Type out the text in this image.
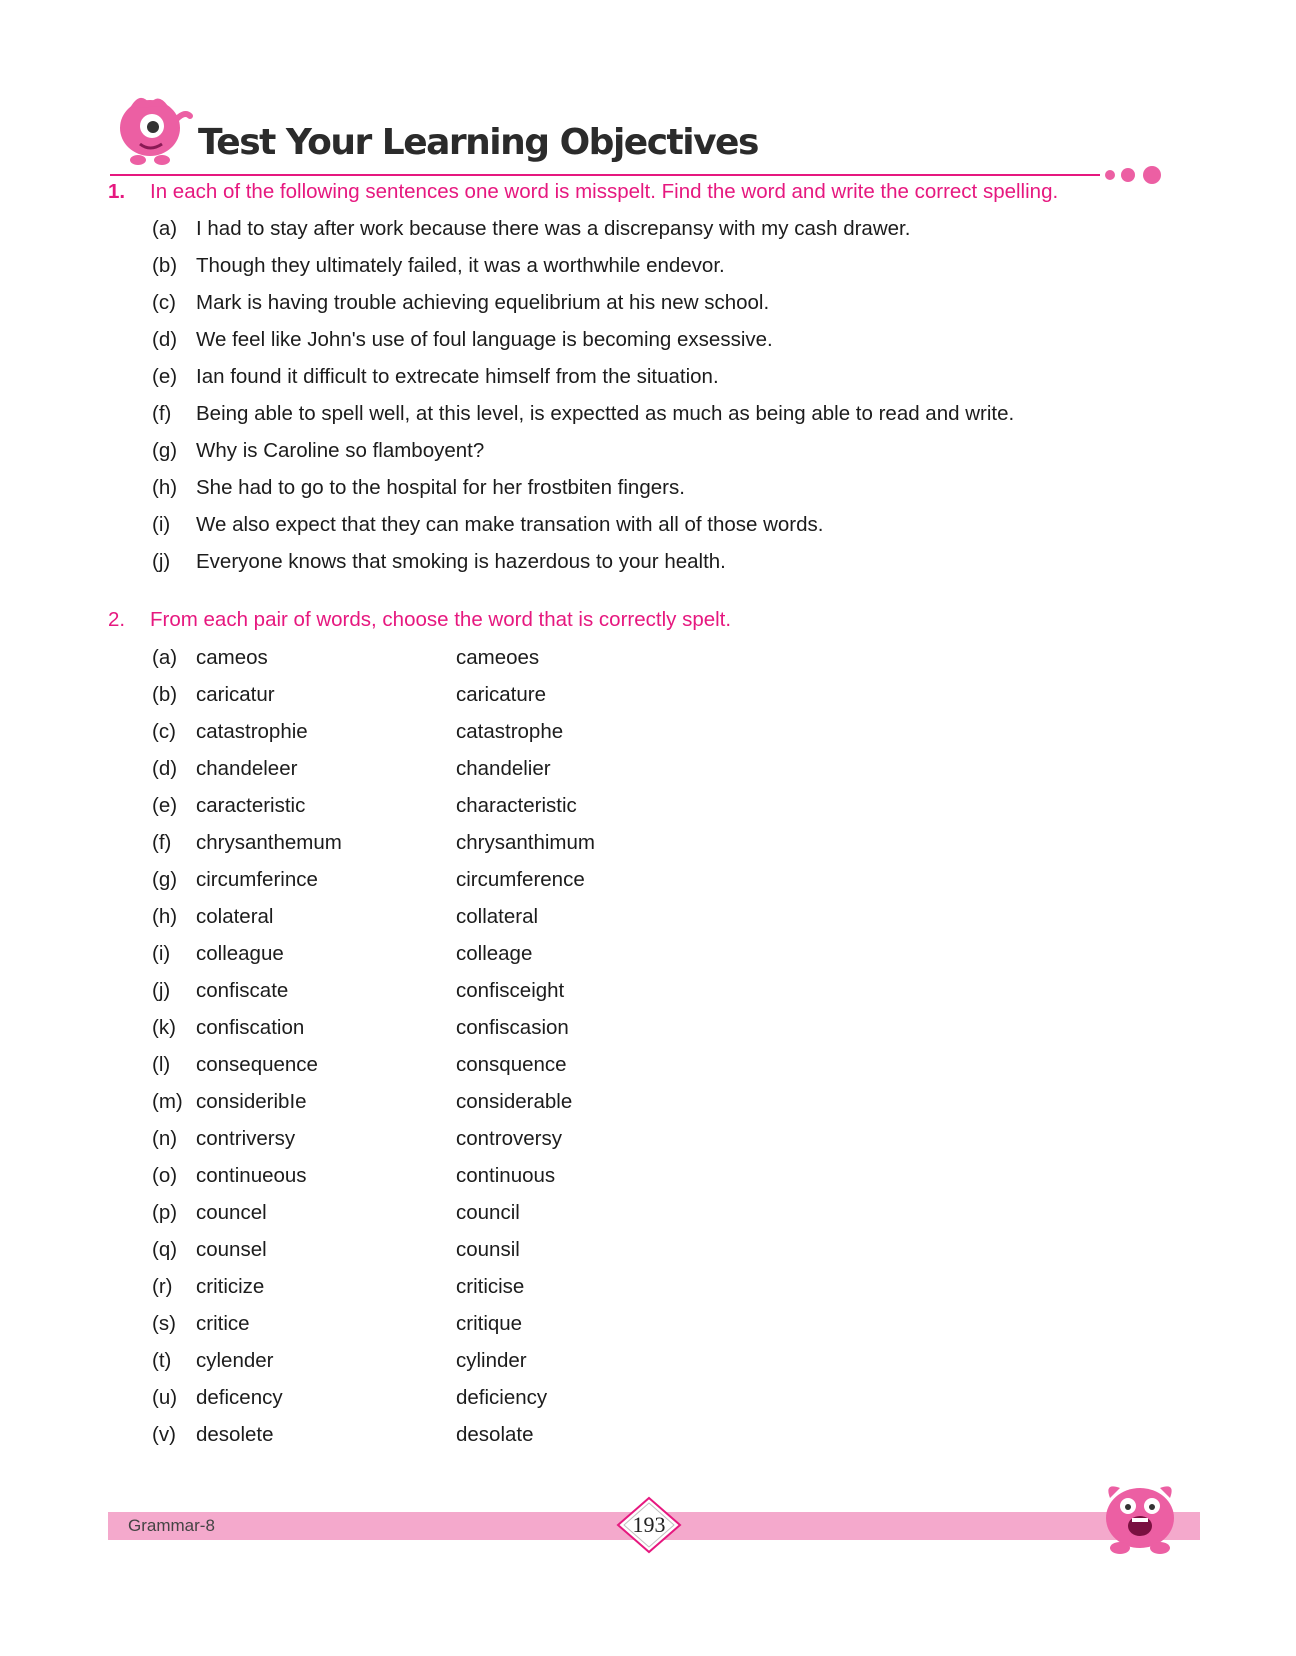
Test Your Learning Objectives
1. In each of the following sentences one word is misspelt. Find the word and write the correct spelling.
(a) I had to stay after work because there was a discrepansy with my cash drawer.
(b) Though they ultimately failed, it was a worthwhile endevor.
(c) Mark is having trouble achieving equelibrium at his new school.
(d) We feel like John's use of foul language is becoming exsessive.
(e) Ian found it difficult to extrecate himself from the situation.
(f) Being able to spell well, at this level, is expectted as much as being able to read and write.
(g) Why is Caroline so flamboyent?
(h) She had to go to the hospital for her frostbiten fingers.
(i) We also expect that they can make transation with all of those words.
(j) Everyone knows that smoking is hazerdous to your health.
2. From each pair of words, choose the word that is correctly spelt.
(a) cameos	cameoes
(b) caricatur	caricature
(c) catastrophie	catastrophe
(d) chandeleer	chandelier
(e) caracteristic	characteristic
(f) chrysanthemum	chrysanthimum
(g) circumferince	circumference
(h) colateral	collateral
(i) colleague	colleage
(j) confiscate	confisceight
(k) confiscation	confiscasion
(l) consequence	consquence
(m) consideribIe	considerable
(n) contriversy	controversy
(o) continueous	continuous
(p) councel	council
(q) counsel	counsil
(r) criticize	criticise
(s) critice	critique
(t) cylender	cylinder
(u) deficency	deficiency
(v) desolete	desolate
Grammar-8	193
